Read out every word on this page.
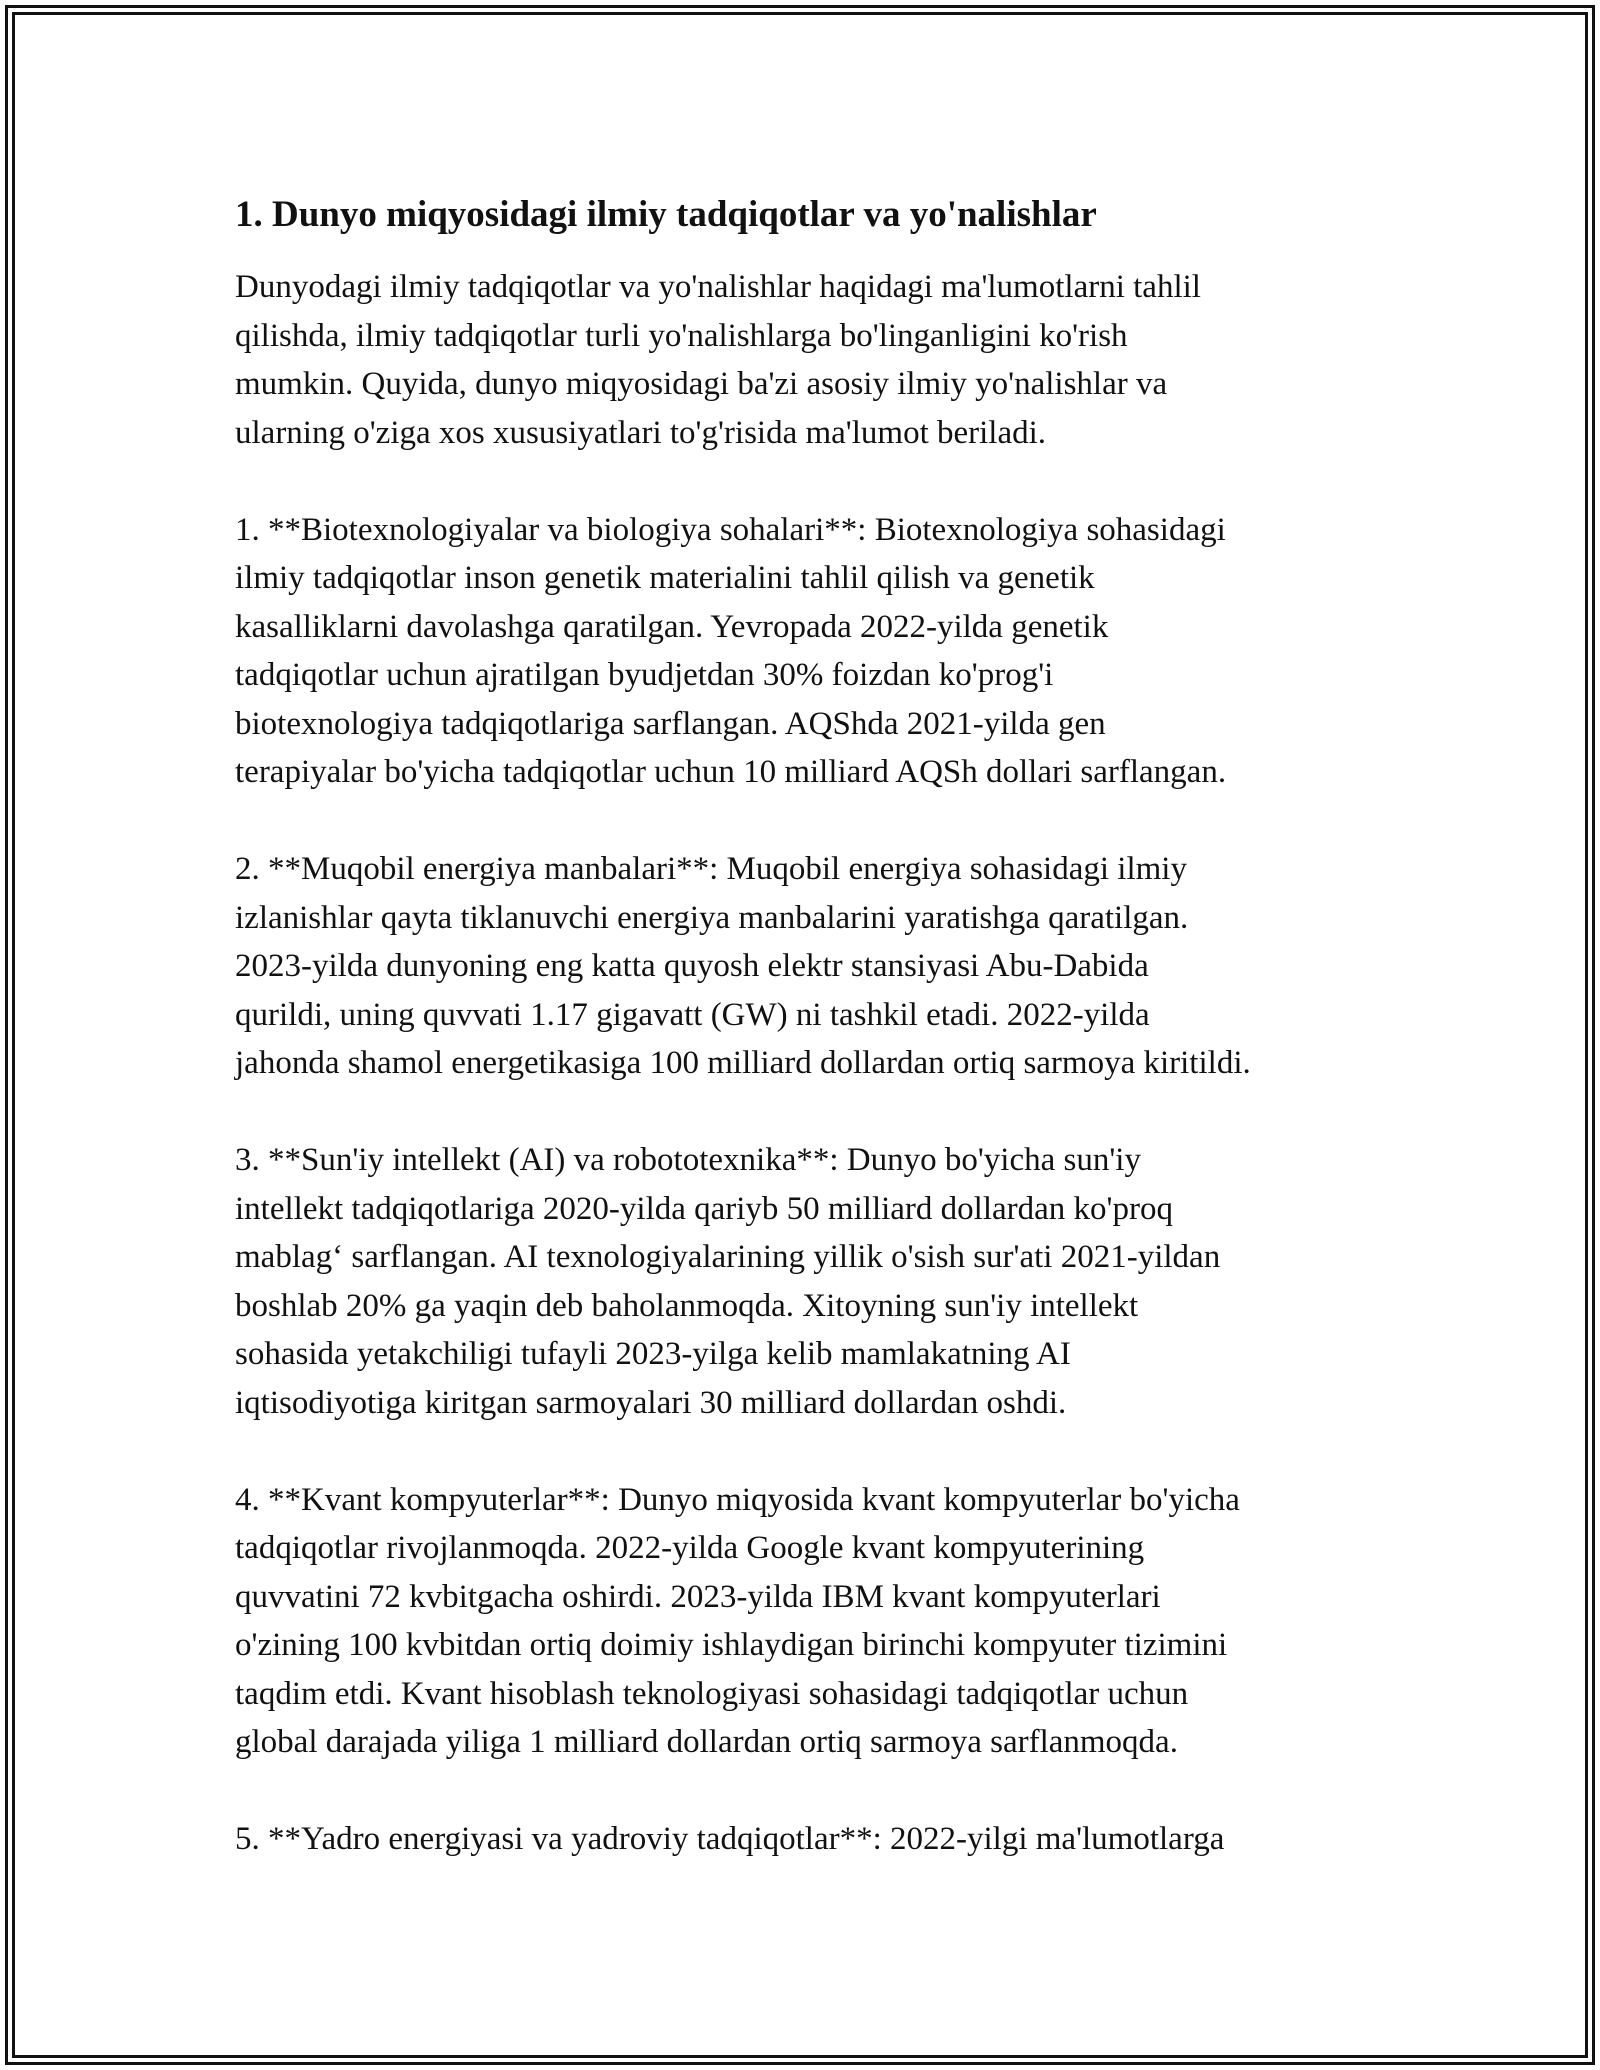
1. Dunyo miqyosidagi ilmiy tadqiqotlar va yo'nalishlar

Dunyodagi ilmiy tadqiqotlar va yo'nalishlar haqidagi ma'lumotlarni tahlil
qilishda, ilmiy tadqiqotlar turli yo'nalishlarga bo'linganligini ko'rish
mumkin. Quyida, dunyo miqyosidagi ba'zi asosiy ilmiy yo'nalishlar va
ularning o'ziga xos xususiyatlari to'g'risida ma'lumot beriladi.

1. **Biotexnologiyalar va biologiya sohalari**: Biotexnologiya sohasidagi
ilmiy tadqiqotlar inson genetik materialini tahlil qilish va genetik
kasalliklarni davolashga qaratilgan. Yevropada 2022-yilda genetik
tadqiqotlar uchun ajratilgan byudjetdan 30% foizdan ko'prog'i
biotexnologiya tadqiqotlariga sarflangan. AQShda 2021-yilda gen
terapiyalar bo'yicha tadqiqotlar uchun 10 milliard AQSh dollari sarflangan.

2. **Muqobil energiya manbalari**: Muqobil energiya sohasidagi ilmiy
izlanishlar qayta tiklanuvchi energiya manbalarini yaratishga qaratilgan.
2023-yilda dunyoning eng katta quyosh elektr stansiyasi Abu-Dabida
qurildi, uning quvvati 1.17 gigavatt (GW) ni tashkil etadi. 2022-yilda
jahonda shamol energetikasiga 100 milliard dollardan ortiq sarmoya kiritildi.

3. **Sun'iy intellekt (AI) va robototexnika**: Dunyo bo'yicha sun'iy
intellekt tadqiqotlariga 2020-yilda qariyb 50 milliard dollardan ko'proq
mablag‘ sarflangan. AI texnologiyalarining yillik o'sish sur'ati 2021-yildan
boshlab 20% ga yaqin deb baholanmoqda. Xitoyning sun'iy intellekt
sohasida yetakchiligi tufayli 2023-yilga kelib mamlakatning AI
iqtisodiyotiga kiritgan sarmoyalari 30 milliard dollardan oshdi.

4. **Kvant kompyuterlar**: Dunyo miqyosida kvant kompyuterlar bo'yicha
tadqiqotlar rivojlanmoqda. 2022-yilda Google kvant kompyuterining
quvvatini 72 kvbitgacha oshirdi. 2023-yilda IBM kvant kompyuterlari
o'zining 100 kvbitdan ortiq doimiy ishlaydigan birinchi kompyuter tizimini
taqdim etdi. Kvant hisoblash teknologiyasi sohasidagi tadqiqotlar uchun
global darajada yiliga 1 milliard dollardan ortiq sarmoya sarflanmoqda.

5. **Yadro energiyasi va yadroviy tadqiqotlar**: 2022-yilgi ma'lumotlarga
